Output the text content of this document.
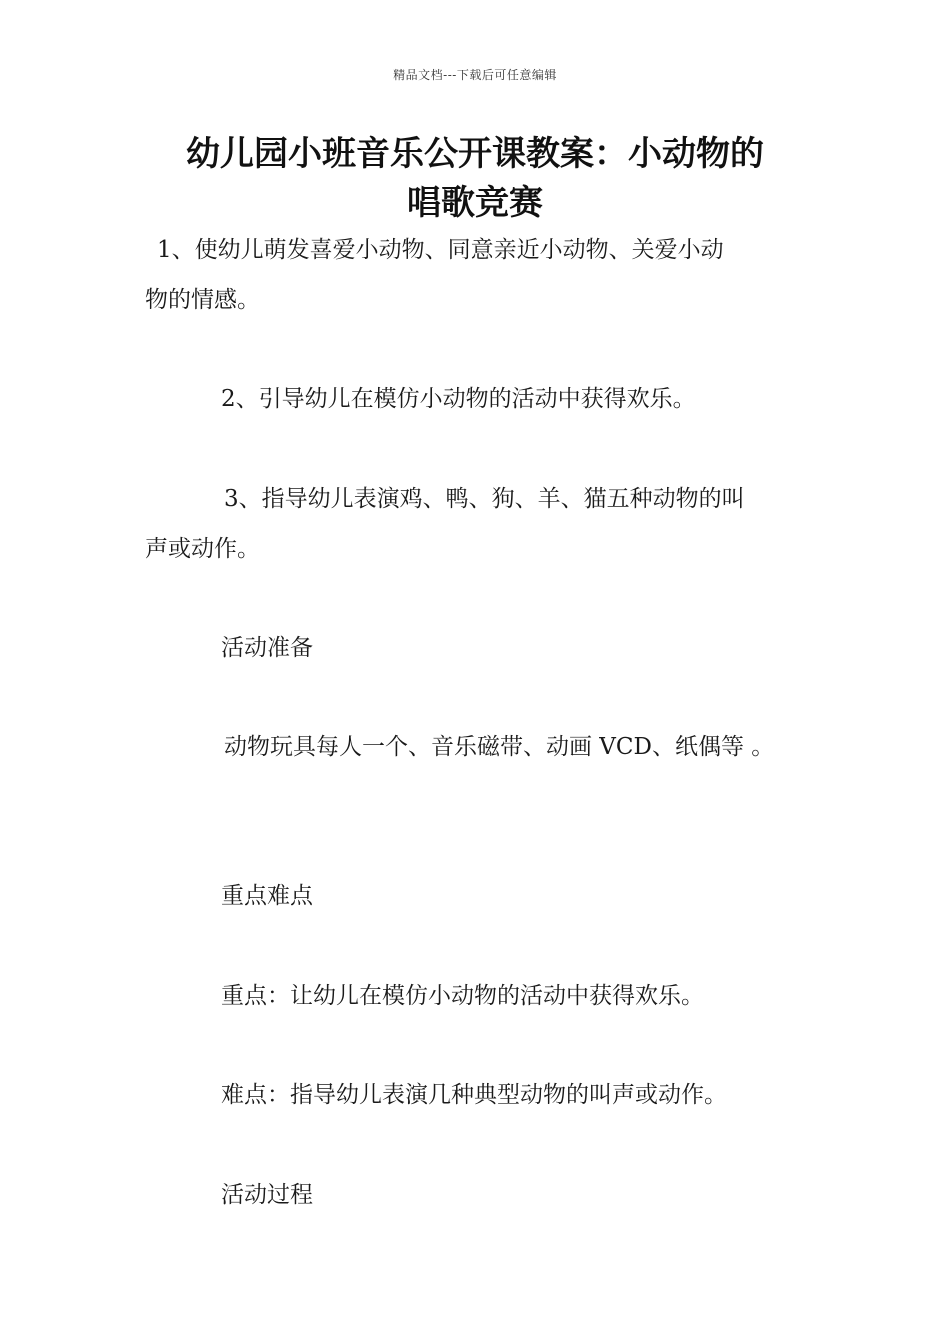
精品文档---下载后可任意编辑
幼儿园小班音乐公开课教案：小动物的
唱歌竞赛
1、使幼儿萌发喜爱小动物、同意亲近小动物、关爱小动
物的情感。
2、引导幼儿在模仿小动物的活动中获得欢乐。
3、指导幼儿表演鸡、鸭、狗、羊、猫五种动物的叫
声或动作。
活动准备
动物玩具每人一个、音乐磁带、动画 VCD、纸偶等 。
重点难点
重点：让幼儿在模仿小动物的活动中获得欢乐。
难点：指导幼儿表演几种典型动物的叫声或动作。
活动过程
